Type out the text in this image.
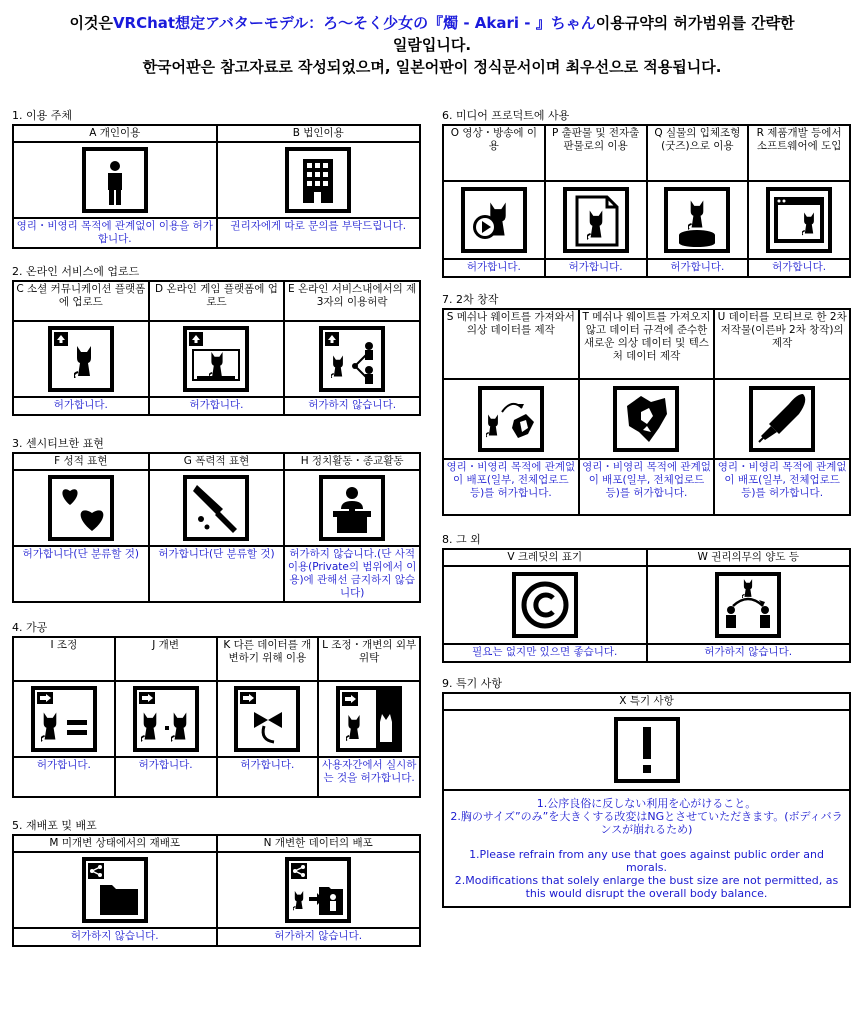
이것은VRChat想定アバターモデル：ろ～そく少女の『燭 - Akari - 』ちゃん이용규약의 허가범위를 간략한
일람입니다.
한국어판은 참고자료로 작성되었으며, 일본어판이 정식문서이며 최우선으로 적용됩니다.
1. 이용 주체
A 개인이용	B 법인이용

영리・비영리 목적에 관계없이 이용을 허가합니다.	권리자에게 따로 문의를 부탁드립니다.
2. 온라인 서비스에 업로드
C 소셜 커뮤니케이션 플랫폼에 업로드	D 온라인 게임 플랫폼에 업로드	E 온라인 서비스내에서의 제 3자의 이용허락

허가합니다.	허가합니다.	허가하지 않습니다.
3. 센시티브한 표현
F 성적 표현	G 폭력적 표현	H 정치활동・종교활동

허가합니다(단 분류할 것)	허가합니다(단 분류할 것)	허가하지 않습니다.(단 사적이용(Private의 범위에서 이용)에 관해선 금지하지 않습니다)
4. 가공
I 조정	J 개변	K 다른 데이터를 개변하기 위해 이용	L 조정・개변의 외부위탁

허가합니다.	허가합니다.	허가합니다.	사용자간에서 실시하는 것을 허가합니다.
5. 재배포 및 배포
M 미개변 상태에서의 재배포	N 개변한 데이터의 배포

허가하지 않습니다.	허가하지 않습니다.
6. 미디어 프로덕트에 사용
O 영상・방송에 이용	P 출판물 및 전자출판물로의 이용	Q 실물의 입체조형(굿즈)으로 이용	R 제품개발 등에서 소프트웨어에 도입

허가합니다.	허가합니다.	허가합니다.	허가합니다.
7. 2차 창작
S 메쉬나 웨이트를 가져와서 의상 데이터를 제작	T 메쉬나 웨이트를 가져오지 않고 데이터 규격에 준수한 새로운 의상 데이터 및 텍스처 데이터 제작	U 데이터를 모티브로 한 2차 저작물(이른바 2차 창작)의 제작

영리・비영리 목적에 관계없이 배포(일부, 전체업로드 등)를 허가합니다.	영리・비영리 목적에 관계없이 배포(일부, 전체업로드 등)를 허가합니다.	영리・비영리 목적에 관계없이 배포(일부, 전체업로드 등)를 허가합니다.
8. 그 외
V 크레딧의 표기	W 권리의무의 양도 등

필요는 없지만 있으면 좋습니다.	허가하지 않습니다.
9. 특기 사항
X 특기 사항

1.公序良俗に反しない利用を心がけること。
2.胸のサイズ”のみ”を大きくする改変はNGとさせていただきます。(ボディバランスが崩れるため)
1.Please refrain from any use that goes against public order and morals.
2.Modifications that solely enlarge the bust size are not permitted, as this would disrupt the overall body balance.
